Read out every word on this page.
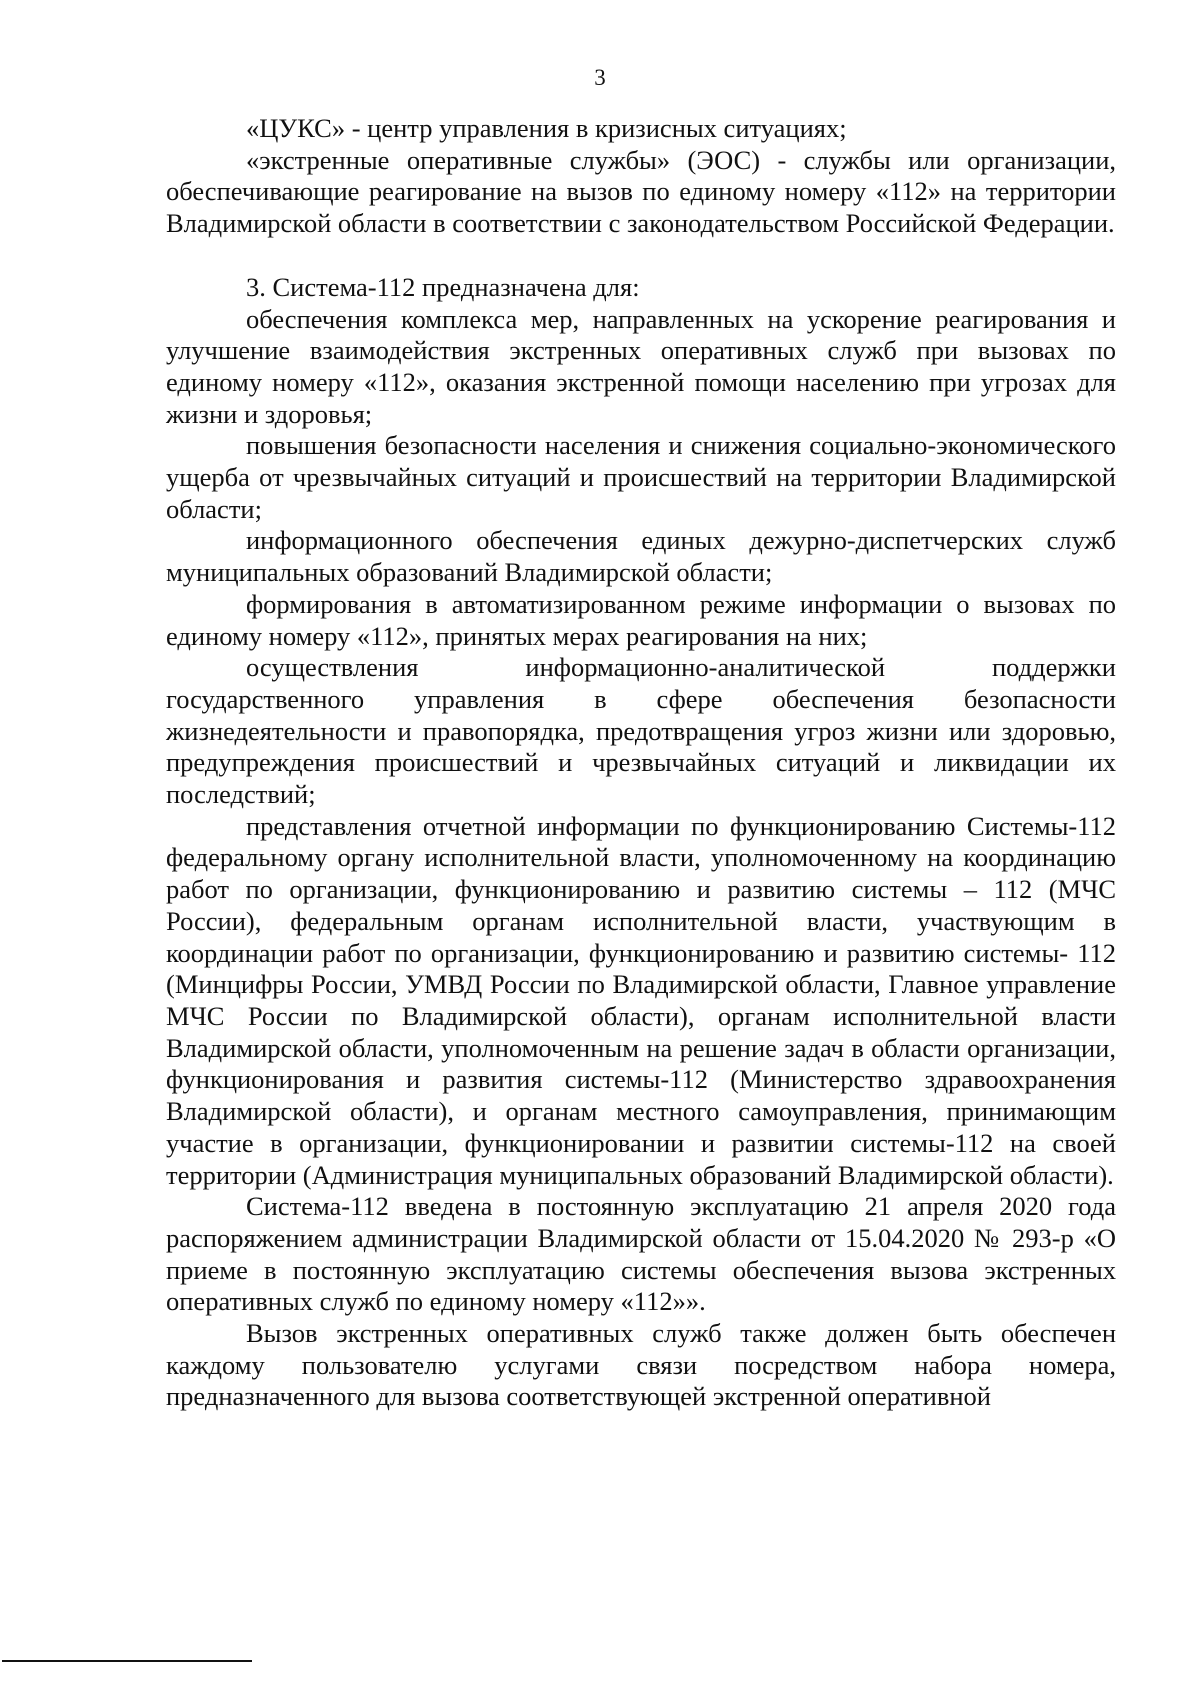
3

«ЦУКС» - центр управления в кризисных ситуациях;

«экстренные оперативные службы» (ЭОС) - службы или организации, обеспечивающие реагирование на вызов по единому номеру «112» на территории Владимирской области в соответствии с законодательством Российской Федерации.

3. Система-112 предназначена для:

обеспечения комплекса мер, направленных на ускорение реагирования и улучшение взаимодействия экстренных оперативных служб при вызовах по единому номеру «112», оказания экстренной помощи населению при угрозах для жизни и здоровья;

повышения безопасности населения и снижения социально-экономического ущерба от чрезвычайных ситуаций и происшествий на территории Владимирской области;

информационного обеспечения единых дежурно-диспетчерских служб муниципальных образований Владимирской области;

формирования в автоматизированном режиме информации о вызовах по единому номеру «112», принятых мерах реагирования на них;

осуществления информационно-аналитической поддержки государственного управления в сфере обеспечения безопасности жизнедеятельности и правопорядка, предотвращения угроз жизни или здоровью, предупреждения происшествий и чрезвычайных ситуаций и ликвидации их последствий;

представления отчетной информации по функционированию Системы-112 федеральному органу исполнительной власти, уполномоченному на координацию работ по организации, функционированию и развитию системы – 112 (МЧС России), федеральным органам исполнительной власти, участвующим в координации работ по организации, функционированию и развитию системы- 112 (Минцифры России, УМВД России по Владимирской области, Главное управление МЧС России по Владимирской области), органам исполнительной власти Владимирской области, уполномоченным на решение задач в области организации, функционирования и развития системы-112 (Министерство здравоохранения Владимирской области), и органам местного самоуправления, принимающим участие в организации, функционировании и развитии системы-112 на своей территории (Администрация муниципальных образований Владимирской области).

Система-112 введена в постоянную эксплуатацию 21 апреля 2020 года распоряжением администрации Владимирской области от 15.04.2020 № 293-р «О приеме в постоянную эксплуатацию системы обеспечения вызова экстренных оперативных служб по единому номеру «112»».

Вызов экстренных оперативных служб также должен быть обеспечен каждому пользователю услугами связи посредством набора номера, предназначенного для вызова соответствующей экстренной оперативной
